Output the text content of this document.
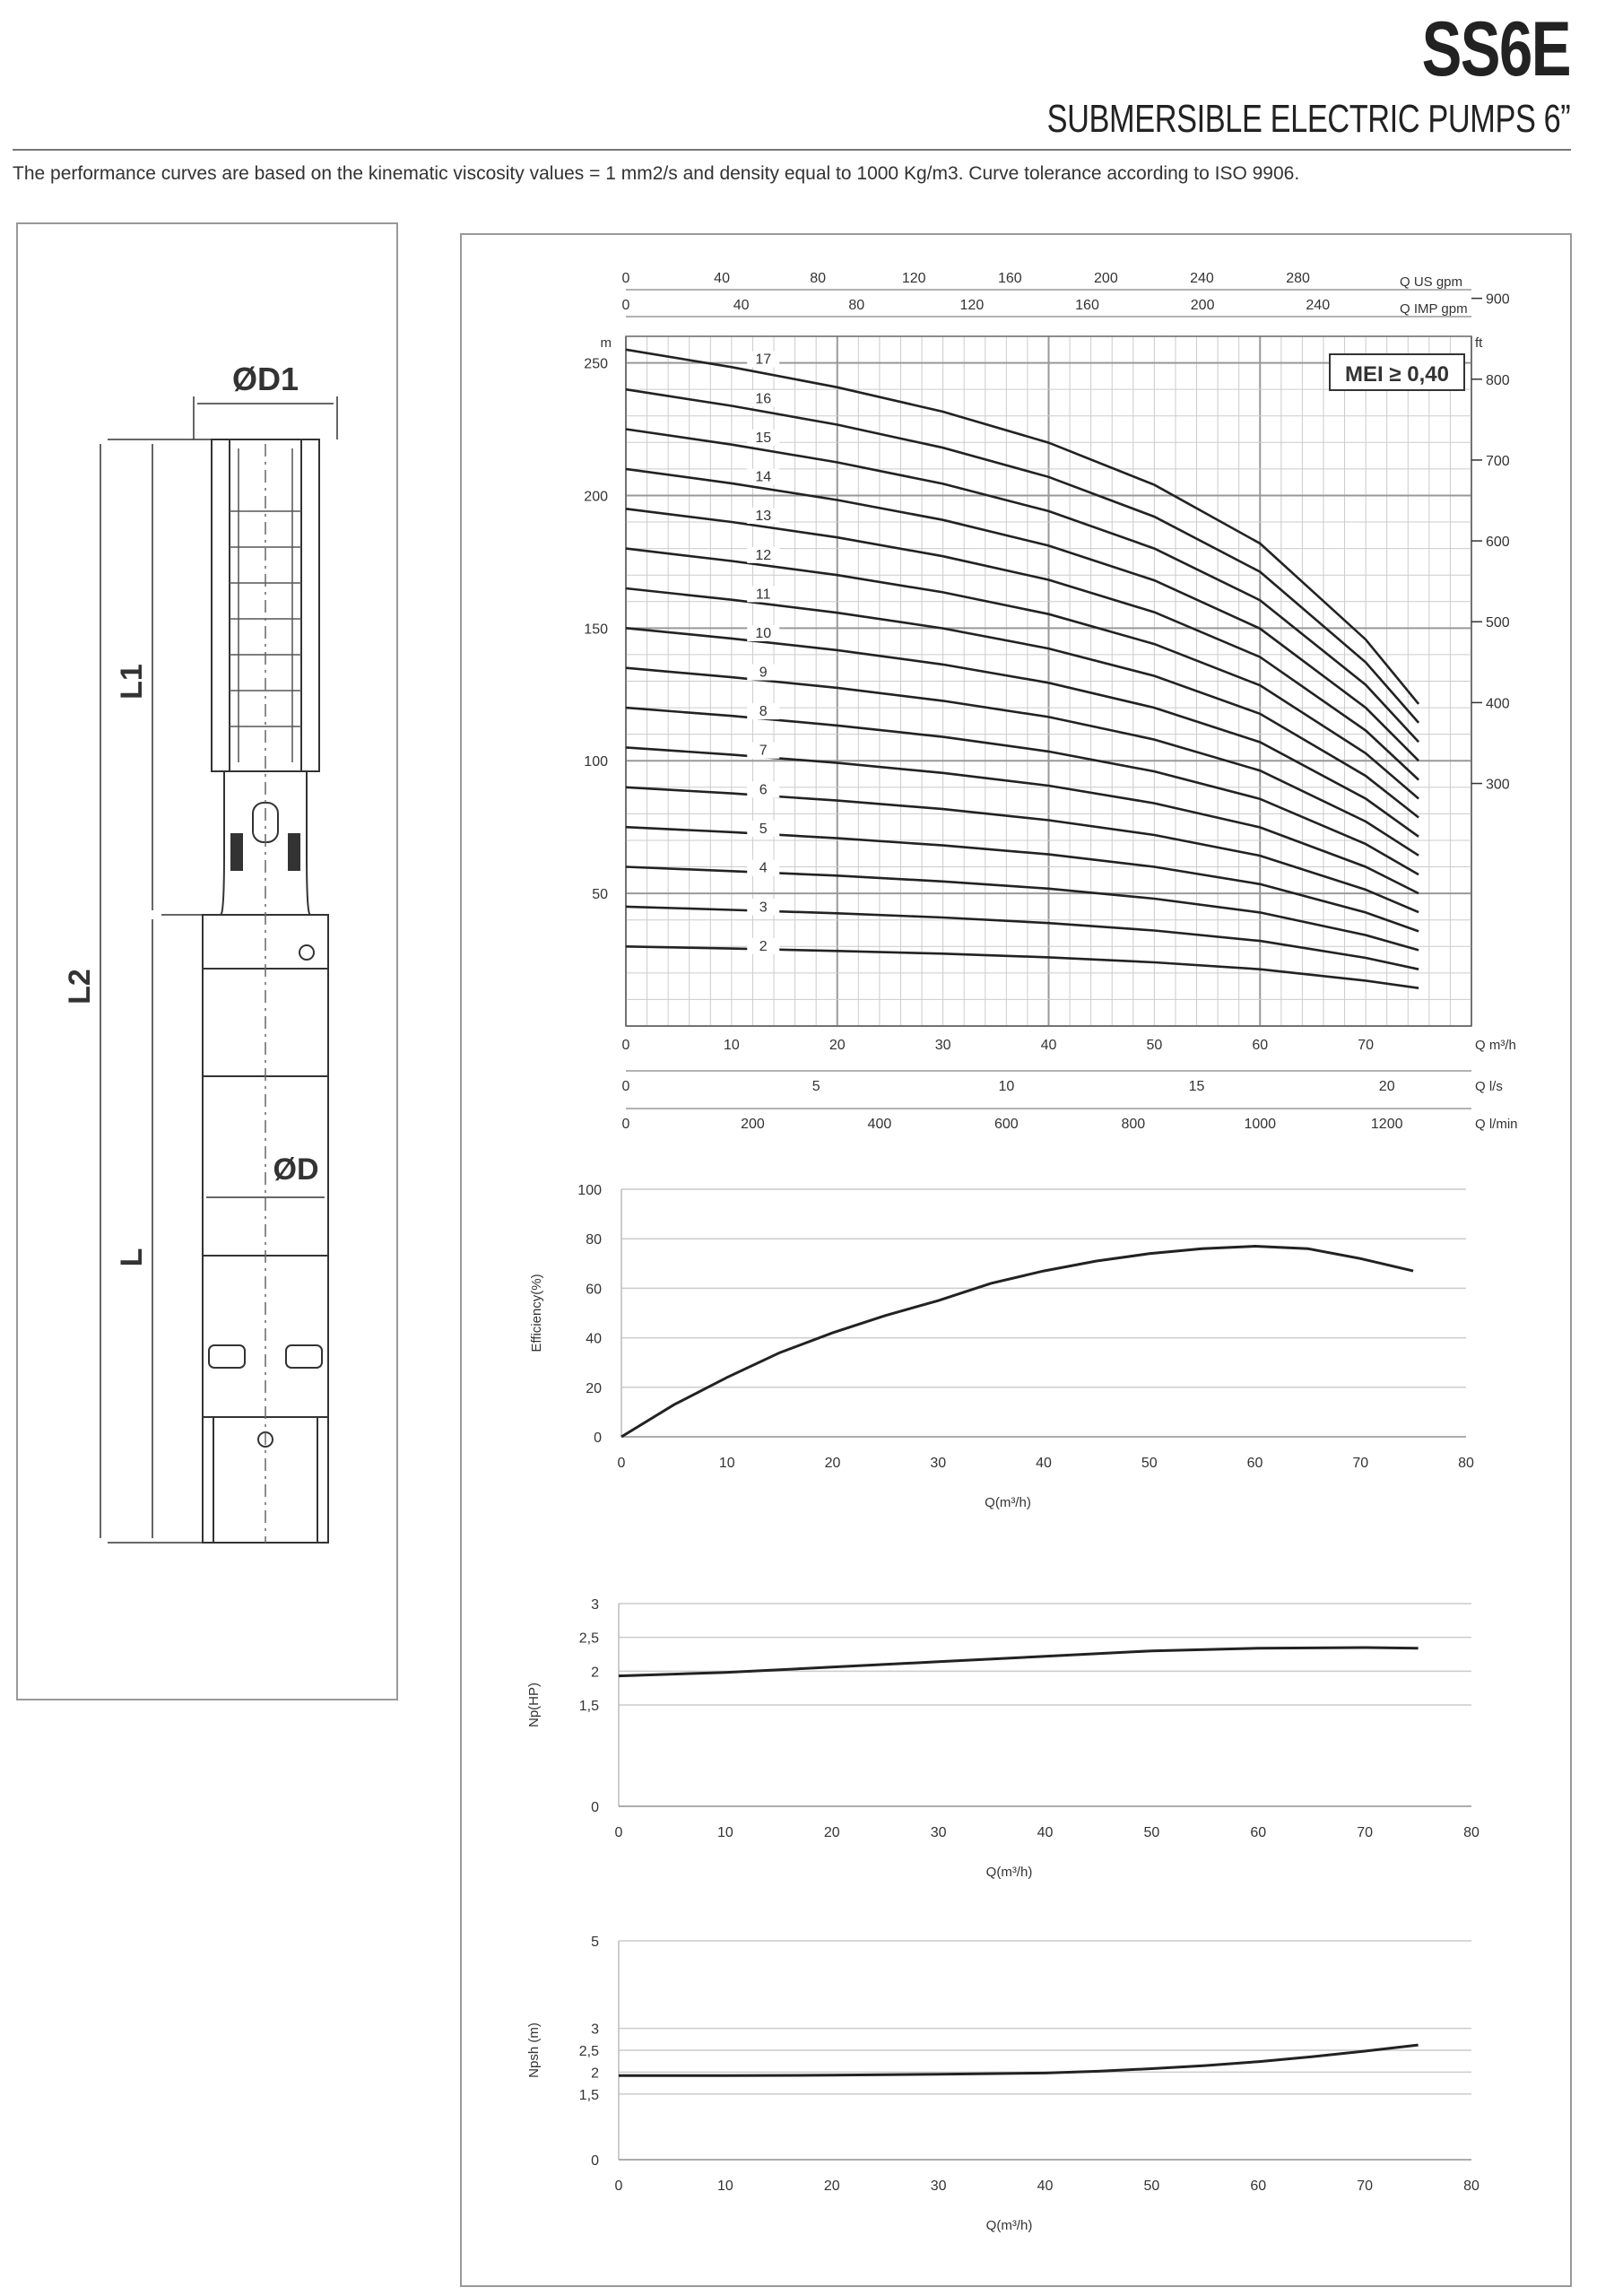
SS6E
SUBMERSIBLE ELECTRIC PUMPS 6”
The performance curves are based on the kinematic viscosity values = 1 mm2/s and density equal to 1000 Kg/m3. Curve tolerance according to ISO 9906.
ØD1
ØD
L1
L2
L
50
100
150
200
250
m
300
400
500
600
700
800
900
ft
0	10	20	30	40	50	60	70	Q m³/h
0	5	10	15	20	Q l/s
0	200	400	600	800	1000	1200	Q l/min
0	40	80	120	160	200	240	280	Q US gpm
0	40	80	120	160	200	240	Q IMP gpm
MEI ≥ 0,40
2
3
4
5
6
7
8
9
10
11
12
13
14
15
16
17
0
20
40
60
80
100
0	10	20	30	40	50	60	70	80
Q(m³/h)
Efficiency(%)
0
1,5
2
2,5
3
0	10	20	30	40	50	60	70	80
Q(m³/h)
Np(HP)
0
1,5
2
2,5
3
5
0	10	20	30	40	50	60	70	80
Q(m³/h)
Npsh (m)
